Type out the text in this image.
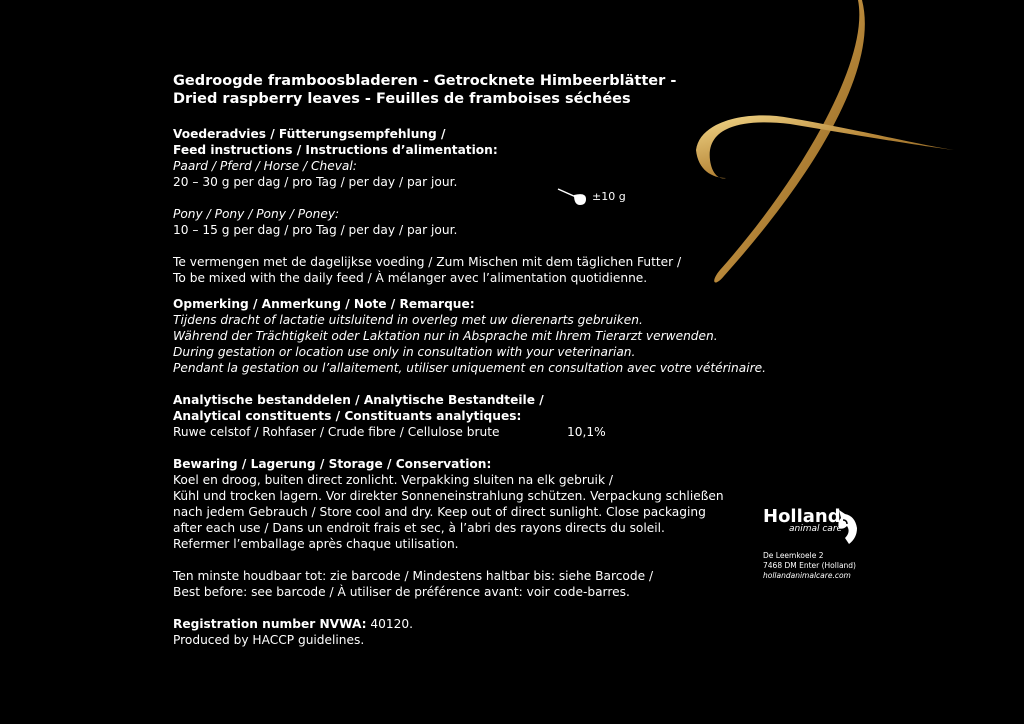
Gedroogde framboosbladeren - Getrocknete Himbeerblätter -
Dried raspberry leaves - Feuilles de framboises séchées

Voederadvies / Fütterungsempfehlung /

Feed instructions / Instructions d’alimentation:

Paard / Pferd / Horse / Cheval:

20 – 30 g per dag / pro Tag / per day / par jour.

Pony / Pony / Pony / Poney:

10 – 15 g per dag / pro Tag / per day / par jour.

Te vermengen met de dagelijkse voeding / Zum Mischen mit dem täglichen Futter /

To be mixed with the daily feed / À mélanger avec l’alimentation quotidienne.

Opmerking / Anmerkung / Note / Remarque:

Tijdens dracht of lactatie uitsluitend in overleg met uw dierenarts gebruiken.

Während der Trächtigkeit oder Laktation nur in Absprache mit Ihrem Tierarzt verwenden.

During gestation or location use only in consultation with your veterinarian.

Pendant la gestation ou l’allaitement, utiliser uniquement en consultation avec votre vétérinaire.

Analytische bestanddelen / Analytische Bestandteile /

Analytical constituents / Constituants analytiques:

Ruwe celstof / Rohfaser / Crude fibre / Cellulose brute	10,1%

Bewaring / Lagerung / Storage / Conservation:

Koel en droog, buiten direct zonlicht. Verpakking sluiten na elk gebruik /

Kühl und trocken lagern. Vor direkter Sonneneinstrahlung schützen. Verpackung schließen

nach jedem Gebrauch / Store cool and dry. Keep out of direct sunlight. Close packaging

after each use / Dans un endroit frais et sec, à l’abri des rayons directs du soleil.

Refermer l’emballage après chaque utilisation.

Ten minste houdbaar tot: zie barcode / Mindestens haltbar bis: siehe Barcode /

Best before: see barcode / À utiliser de préférence avant: voir code-barres.

Registration number NVWA: 40120.

Produced by HACCP guidelines.

±10 g
Holland
animal care
De Leemkoele 2
7468 DM Enter (Holland)
hollandanimalcare.com
